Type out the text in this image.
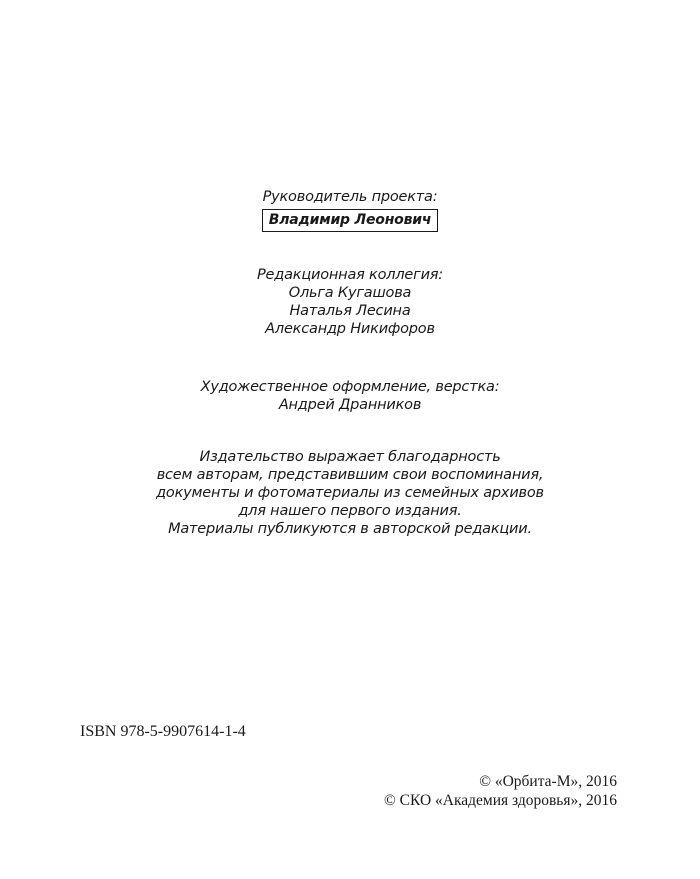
Руководитель проекта:
Владимир Леонович
Редакционная коллегия:
Ольга Кугашова
Наталья Лесина
Александр Никифоров
Художественное оформление, верстка:
Андрей Дранников
Издательство выражает благодарность
всем авторам, представившим свои воспоминания,
документы и фотоматериалы из семейных архивов
для нашего первого издания.
Материалы публикуются в авторской редакции.
ISBN 978-5-9907614-1-4
© «Орбита-М», 2016
© СКО «Академия здоровья», 2016
